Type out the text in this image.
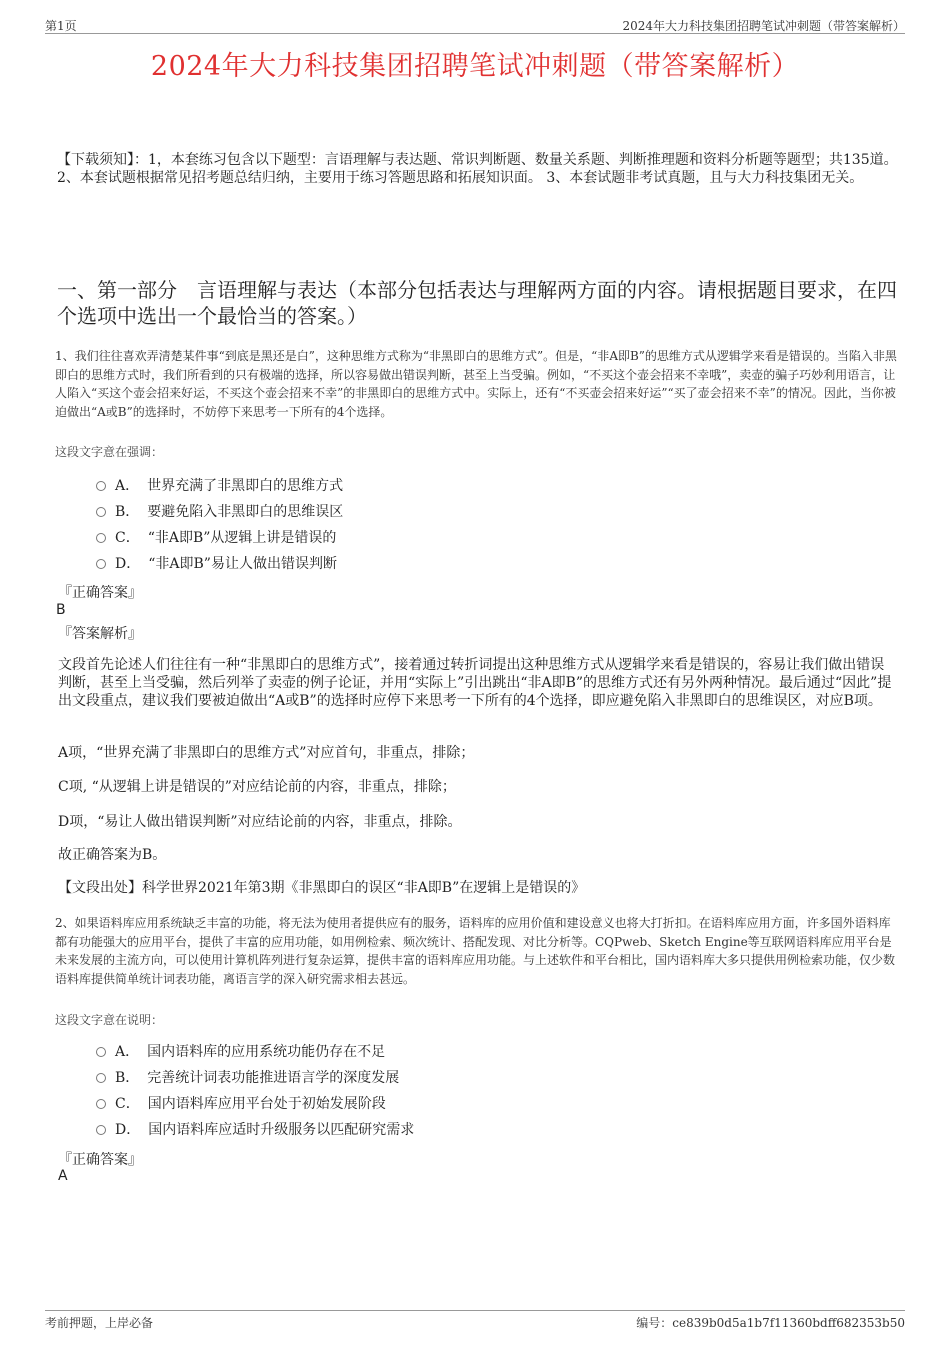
第1页	2024年大力科技集团招聘笔试冲刺题（带答案解析）
2024年大力科技集团招聘笔试冲刺题（带答案解析）
【下载须知】：1，本套练习包含以下题型：言语理解与表达题、常识判断题、数量关系题、判断推理题和资料分析题等题型；共135道。 2、本套试题根据常见招考题总结归纳，主要用于练习答题思路和拓展知识面。 3、本套试题非考试真题，且与大力科技集团无关。
一、第一部分　言语理解与表达（本部分包括表达与理解两方面的内容。请根据题目要求，在四个选项中选出一个最恰当的答案。）
1、我们往往喜欢弄清楚某件事“到底是黑还是白”，这种思维方式称为“非黑即白的思维方式”。但是，“非A即B”的思维方式从逻辑学来看是错误的。当陷入非黑即白的思维方式时，我们所看到的只有极端的选择，所以容易做出错误判断，甚至上当受骗。例如，“不买这个壶会招来不幸哦”，卖壶的骗子巧妙利用语言，让人陷入“买这个壶会招来好运，不买这个壶会招来不幸”的非黑即白的思维方式中。实际上，还有“不买壶会招来好运”“买了壶会招来不幸”的情况。因此，当你被迫做出“A或B”的选择时，不妨停下来思考一下所有的4个选择。
这段文字意在强调：
A． 世界充满了非黑即白的思维方式
B． 要避免陷入非黑即白的思维误区
C． “非A即B”从逻辑上讲是错误的
D． “非A即B”易让人做出错误判断
『正确答案』
B
『答案解析』
文段首先论述人们往往有一种“非黑即白的思维方式”，接着通过转折词提出这种思维方式从逻辑学来看是错误的，容易让我们做出错误判断，甚至上当受骗，然后列举了卖壶的例子论证，并用“实际上”引出跳出“非A即B”的思维方式还有另外两种情况。最后通过“因此”提出文段重点，建议我们要被迫做出“A或B”的选择时应停下来思考一下所有的4个选择，即应避免陷入非黑即白的思维误区，对应B项。
A项，“世界充满了非黑即白的思维方式”对应首句，非重点，排除；
C项, “从逻辑上讲是错误的”对应结论前的内容，非重点，排除；
D项，“易让人做出错误判断”对应结论前的内容，非重点，排除。
故正确答案为B。
【文段出处】科学世界2021年第3期《非黑即白的误区“非A即B”在逻辑上是错误的》
2、如果语料库应用系统缺乏丰富的功能，将无法为使用者提供应有的服务，语料库的应用价值和建设意义也将大打折扣。在语料库应用方面，许多国外语料库都有功能强大的应用平台，提供了丰富的应用功能，如用例检索、频次统计、搭配发现、对比分析等。CQPweb、Sketch Engine等互联网语料库应用平台是未来发展的主流方向，可以使用计算机阵列进行复杂运算，提供丰富的语料库应用功能。与上述软件和平台相比，国内语料库大多只提供用例检索功能，仅少数语料库提供简单统计词表功能，离语言学的深入研究需求相去甚远。
这段文字意在说明：
A． 国内语料库的应用系统功能仍存在不足
B． 完善统计词表功能推进语言学的深度发展
C． 国内语料库应用平台处于初始发展阶段
D． 国内语料库应适时升级服务以匹配研究需求
『正确答案』
A
考前押题，上岸必备	编号：ce839b0d5a1b7f11360bdff682353b50
